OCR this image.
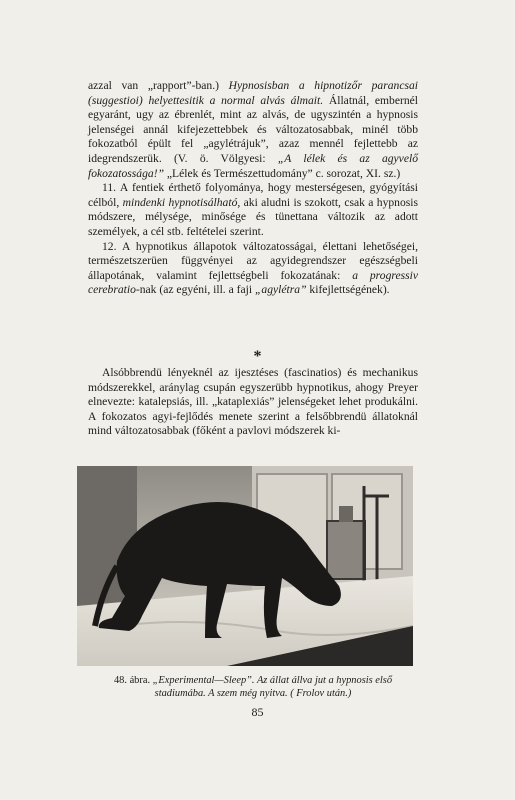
azzal van „rapport”-ban.) Hypnosisban a hipnotizőr parancsai (suggestioi) helyettesitik a normal alvás álmait. Állatnál, embernél egyaránt, ugy az ébrenlét, mint az alvás, de ugyszintén a hypnosis jelenségei annál kifejezettebbek és változatosabbak, minél több fokozatból épült fel „agylétrájuk”, azaz mennél fejlettebb az idegrendszerük. (V. ö. Völgyesi: „A lélek és az agyvelő fokozatossága!” „Lélek és Természettudomány” c. sorozat, XI. sz.)

11. A fentiek érthető folyománya, hogy mesterségesen, gyógyítási célból, mindenki hypnotisálható, aki aludni is szokott, csak a hypnosis módszere, mélysége, minősége és tünettana változik az adott személyek, a cél stb. feltételei szerint.

12. A hypnotikus állapotok változatosságai, élettani lehetőségei, természetszerüen függvényei az agyidegrendszer egészségbeli állapotának, valamint fejlettségbeli fokozatának: a progressiv cerebratio-nak (az egyéni, ill. a faji „agylétra” kifejlettségének).

*

Alsóbbrendü lényeknél az ijesztéses (fascinatios) és mechanikus módszerekkel, aránylag csupán egyszerübb hypnotikus, ahogy Preyer elnevezte: katalepsiás, ill. „kataplexiás” jelenségeket lehet produkálni. A fokozatos agyi-fejlődés menete szerint a felsőbbrendü állatoknál mind változatosabbak (főként a pavlovi módszerek ki-

48. ábra. „Experimental—Sleep”. Az állat állva jut a hypnosis első stadiumába. A szem még nyitva. ( Frolov után.)
85
